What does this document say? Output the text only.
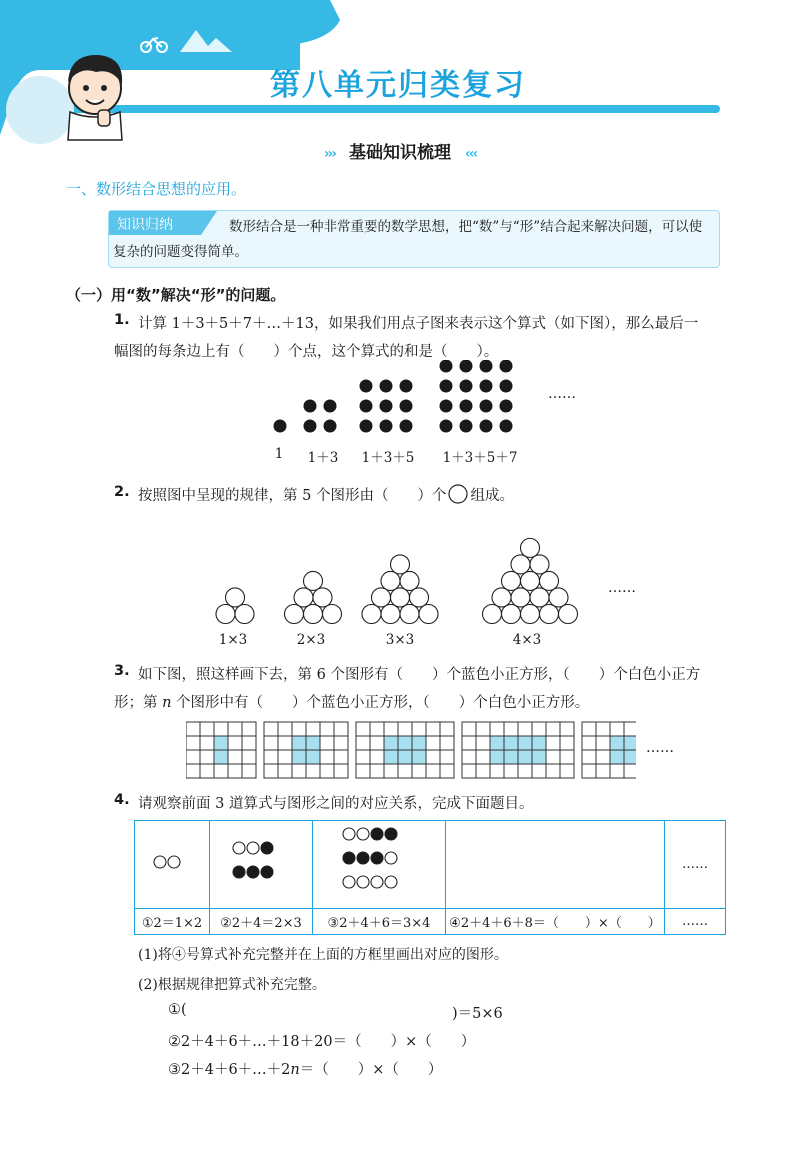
第八单元归类复习
››› 基础知识梳理 ‹‹‹
一、数形结合思想的应用。
知识归纳	数形结合是一种非常重要的数学思想，把“数”与“形”结合起来解决问题，可以使复杂的问题变得简单。
（一）用“数”解决“形”的问题。
1. 计算 1＋3＋5＋7＋…＋13，如果我们用点子图来表示这个算式（如下图），那么最后一
幅图的每条边上有（　　）个点，这个算式的和是（　　）。
……
1	1＋3	1＋3＋5	1＋3＋5＋7
2. 按照图中呈现的规律，第 5 个图形由（　　）个 组成。
……
1×3	2×3	3×3	4×3
3. 如下图，照这样画下去，第 6 个图形有（　　）个蓝色小正方形，（　　）个白色小正方
形；第 n 个图形中有（　　）个蓝色小正方形，（　　）个白色小正方形。
……
4. 请观察前面 3 道算式与图形之间的对应关系，完成下面题目。
				……
①2＝1×2	②2＋4＝2×3	③2＋4＋6＝3×4	④2＋4＋6＋8＝（　　）×（　　）	……
(1)将④号算式补充完整并在上面的方框里画出对应的图形。
(2)根据规律把算式补充完整。
①(	)＝5×6
②2＋4＋6＋…＋18＋20＝（　　）×（　　）
③2＋4＋6＋…＋2n＝（　　）×（　　）
